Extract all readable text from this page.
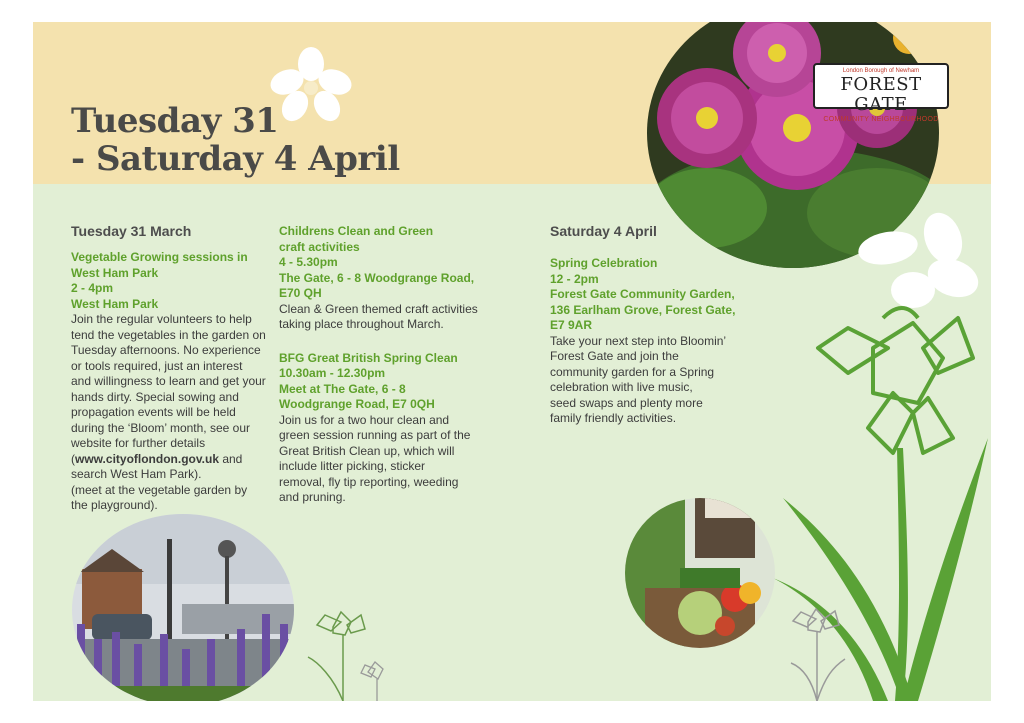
Tuesday 31
- Saturday 4 April
London Borough of Newham
FOREST GATE
COMMUNITY NEIGHBOURHOOD
Tuesday 31 March

Vegetable Growing sessions in

West Ham Park

2 - 4pm

West Ham Park

Join the regular volunteers to help

tend the vegetables in the garden on

Tuesday afternoons. No experience

or tools required, just an interest

and willingness to learn and get your

hands dirty. Special sowing and

propagation events will be held

during the ‘Bloom’ month, see our

website for further details

(www.cityoflondon.gov.uk and

search West Ham Park).

(meet at the vegetable garden by

the playground).

Childrens Clean and Green

craft activities

4 - 5.30pm

The Gate, 6 - 8 Woodgrange Road,

E70 QH

Clean & Green themed craft activities

taking place throughout March.

BFG Great British Spring Clean

10.30am - 12.30pm

Meet at The Gate, 6 - 8

Woodgrange Road, E7 0QH

Join us for a two hour clean and

green session running as part of the

Great British Clean up, which will

include litter picking, sticker

removal, fly tip reporting, weeding

and pruning.

Saturday 4 April

Spring Celebration

12 - 2pm

Forest Gate Community Garden,

136 Earlham Grove, Forest Gate,

E7 9AR

Take your next step into Bloomin’

Forest Gate and join the

community garden for a Spring

celebration with live music,

seed swaps and plenty more

family friendly activities.
